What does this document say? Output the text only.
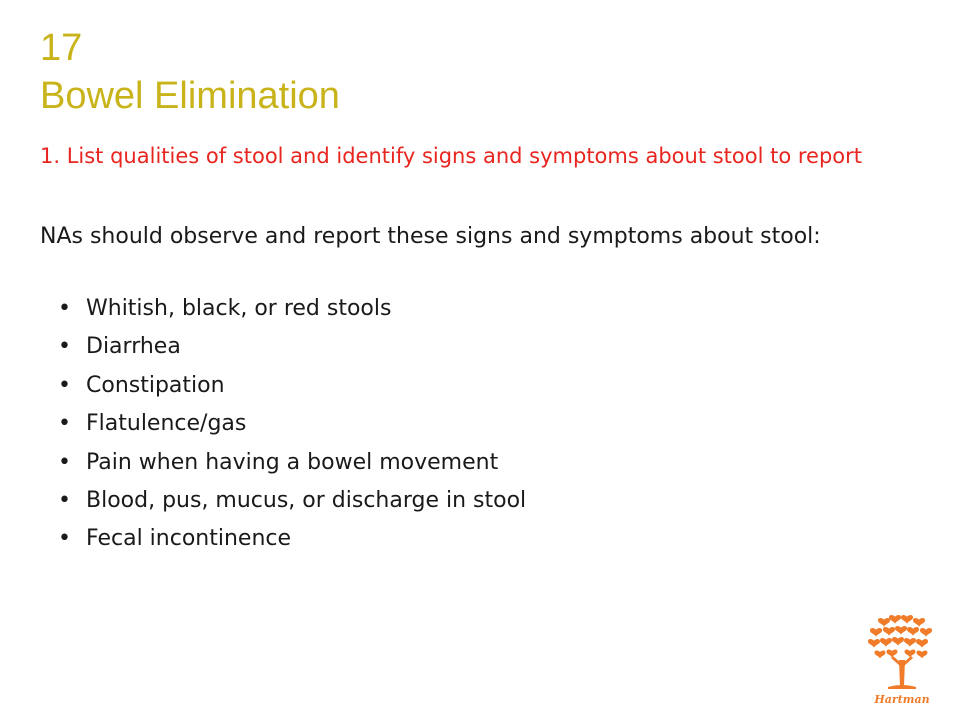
17
Bowel Elimination
1. List qualities of stool and identify signs and symptoms about stool to report
NAs should observe and report these signs and symptoms about stool:
• Whitish, black, or red stools
• Diarrhea
• Constipation
• Flatulence/gas
• Pain when having a bowel movement
• Blood, pus, mucus, or discharge in stool
• Fecal incontinence
Hartman
